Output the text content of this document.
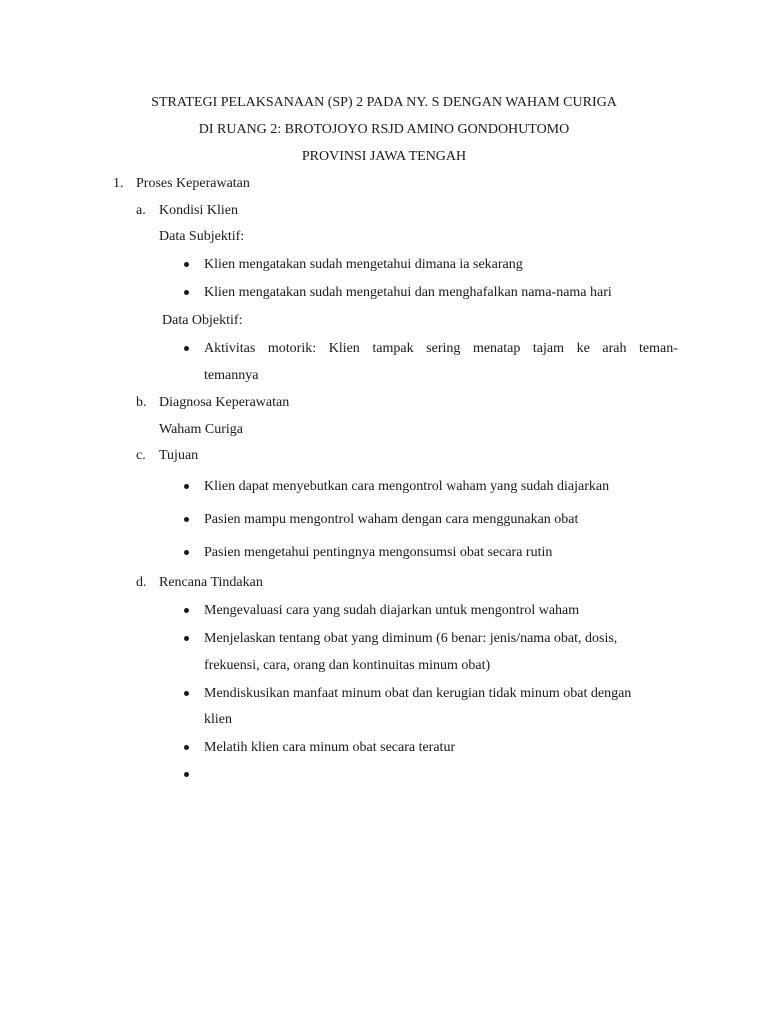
STRATEGI PELAKSANAAN (SP) 2 PADA NY. S DENGAN WAHAM CURIGA
DI RUANG 2: BROTOJOYO RSJD AMINO GONDOHUTOMO
PROVINSI JAWA TENGAH
1. Proses Keperawatan
a. Kondisi Klien
Data Subjektif:
Klien mengatakan sudah mengetahui dimana ia sekarang
Klien mengatakan sudah mengetahui dan menghafalkan nama-nama hari
Data Objektif:
Aktivitas motorik: Klien tampak sering menatap tajam ke arah teman-
temannya
b. Diagnosa Keperawatan
Waham Curiga
c. Tujuan
Klien dapat menyebutkan cara mengontrol waham yang sudah diajarkan
Pasien mampu mengontrol waham dengan cara menggunakan obat
Pasien mengetahui pentingnya mengonsumsi obat secara rutin
d. Rencana Tindakan
Mengevaluasi cara yang sudah diajarkan untuk mengontrol waham
Menjelaskan tentang obat yang diminum (6 benar: jenis/nama obat, dosis,
frekuensi, cara, orang dan kontinuitas minum obat)
Mendiskusikan manfaat minum obat dan kerugian tidak minum obat dengan
klien
Melatih klien cara minum obat secara teratur
